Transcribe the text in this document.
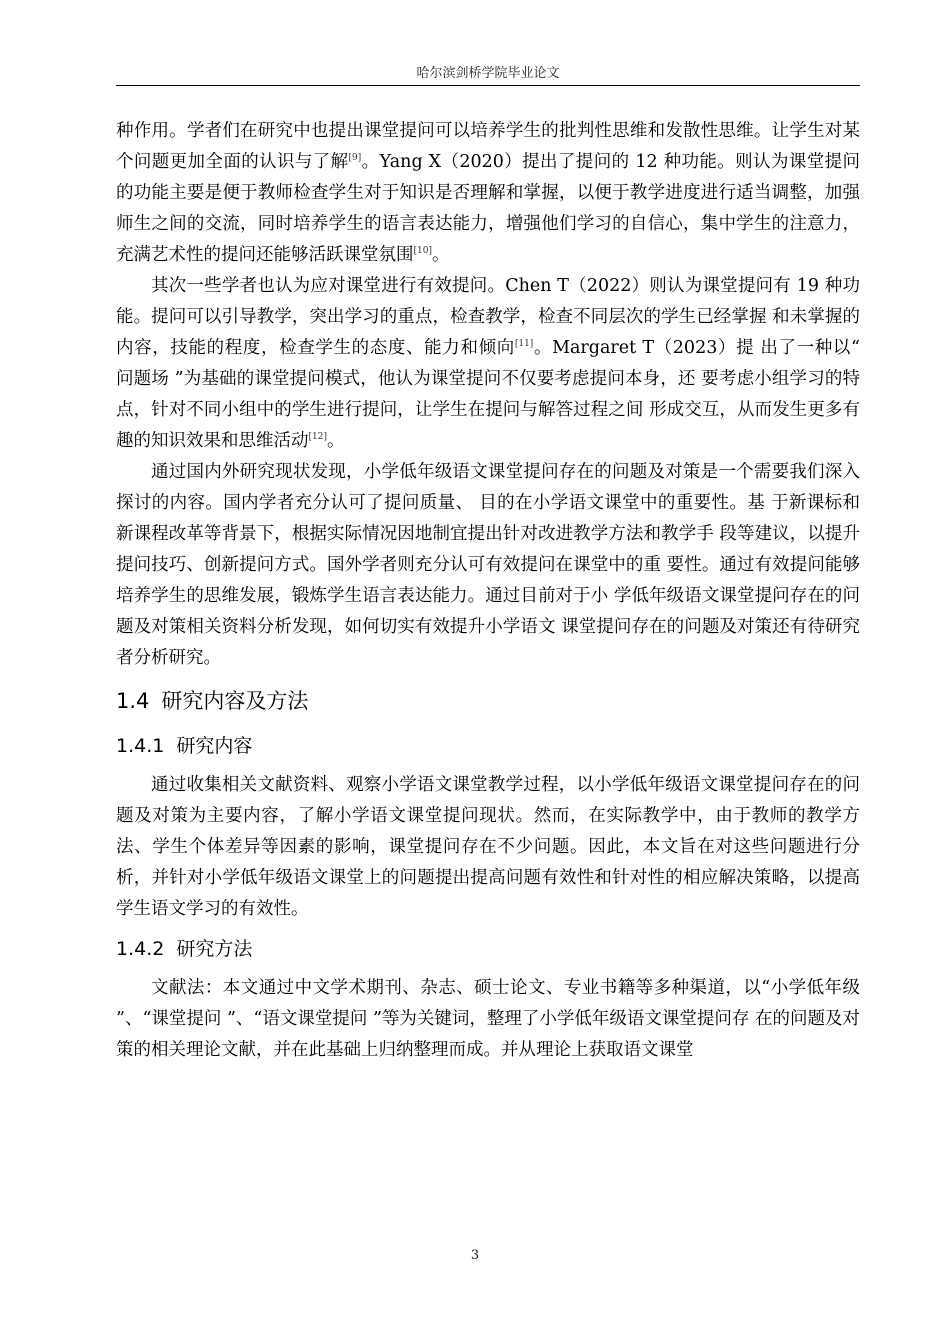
哈尔滨剑桥学院毕业论文

种作用。学者们在研究中也提出课堂提问可以培养学生的批判性思维和发散性思维。让学生对某个问题更加全面的认识与了解[9]。Yang X（2020）提出了提问的 12 种功能。则认为课堂提问的功能主要是便于教师检查学生对于知识是否理解和掌握，以便于教学进度进行适当调整，加强师生之间的交流，同时培养学生的语言表达能力，增强他们学习的自信心，集中学生的注意力，充满艺术性的提问还能够活跃课堂氛围[10]。

其次一些学者也认为应对课堂进行有效提问。Chen T（2022）则认为课堂提问有 19 种功能。提问可以引导教学，突出学习的重点，检查教学，检查不同层次的学生已经掌握 和未掌握的内容，技能的程度，检查学生的态度、能力和倾向[11]。Margaret T（2023）提 出了一种以“ 问题场 ”为基础的课堂提问模式，他认为课堂提问不仅要考虑提问本身，还 要考虑小组学习的特点，针对不同小组中的学生进行提问，让学生在提问与解答过程之间 形成交互，从而发生更多有趣的知识效果和思维活动[12]。

通过国内外研究现状发现，小学低年级语文课堂提问存在的问题及对策是一个需要我们深入探讨的内容。国内学者充分认可了提问质量、 目的在小学语文课堂中的重要性。基 于新课标和新课程改革等背景下，根据实际情况因地制宜提出针对改进教学方法和教学手 段等建议，以提升提问技巧、创新提问方式。国外学者则充分认可有效提问在课堂中的重 要性。通过有效提问能够培养学生的思维发展，锻炼学生语言表达能力。通过目前对于小 学低年级语文课堂提问存在的问题及对策相关资料分析发现，如何切实有效提升小学语文 课堂提问存在的问题及对策还有待研究者分析研究。

1.4 研究内容及方法
1.4.1 研究内容

通过收集相关文献资料、观察小学语文课堂教学过程，以小学低年级语文课堂提问存在的问题及对策为主要内容，了解小学语文课堂提问现状。然而，在实际教学中，由于教师的教学方法、学生个体差异等因素的影响，课堂提问存在不少问题。因此，本文旨在对这些问题进行分析，并针对小学低年级语文课堂上的问题提出提高问题有效性和针对性的相应解决策略，以提高学生语文学习的有效性。

1.4.2 研究方法

文献法：本文通过中文学术期刊、杂志、硕士论文、专业书籍等多种渠道，以“小学低年级 ”、“课堂提问 ”、“语文课堂提问 ”等为关键词，整理了小学低年级语文课堂提问存 在的问题及对策的相关理论文献，并在此基础上归纳整理而成。并从理论上获取语文课堂

3
